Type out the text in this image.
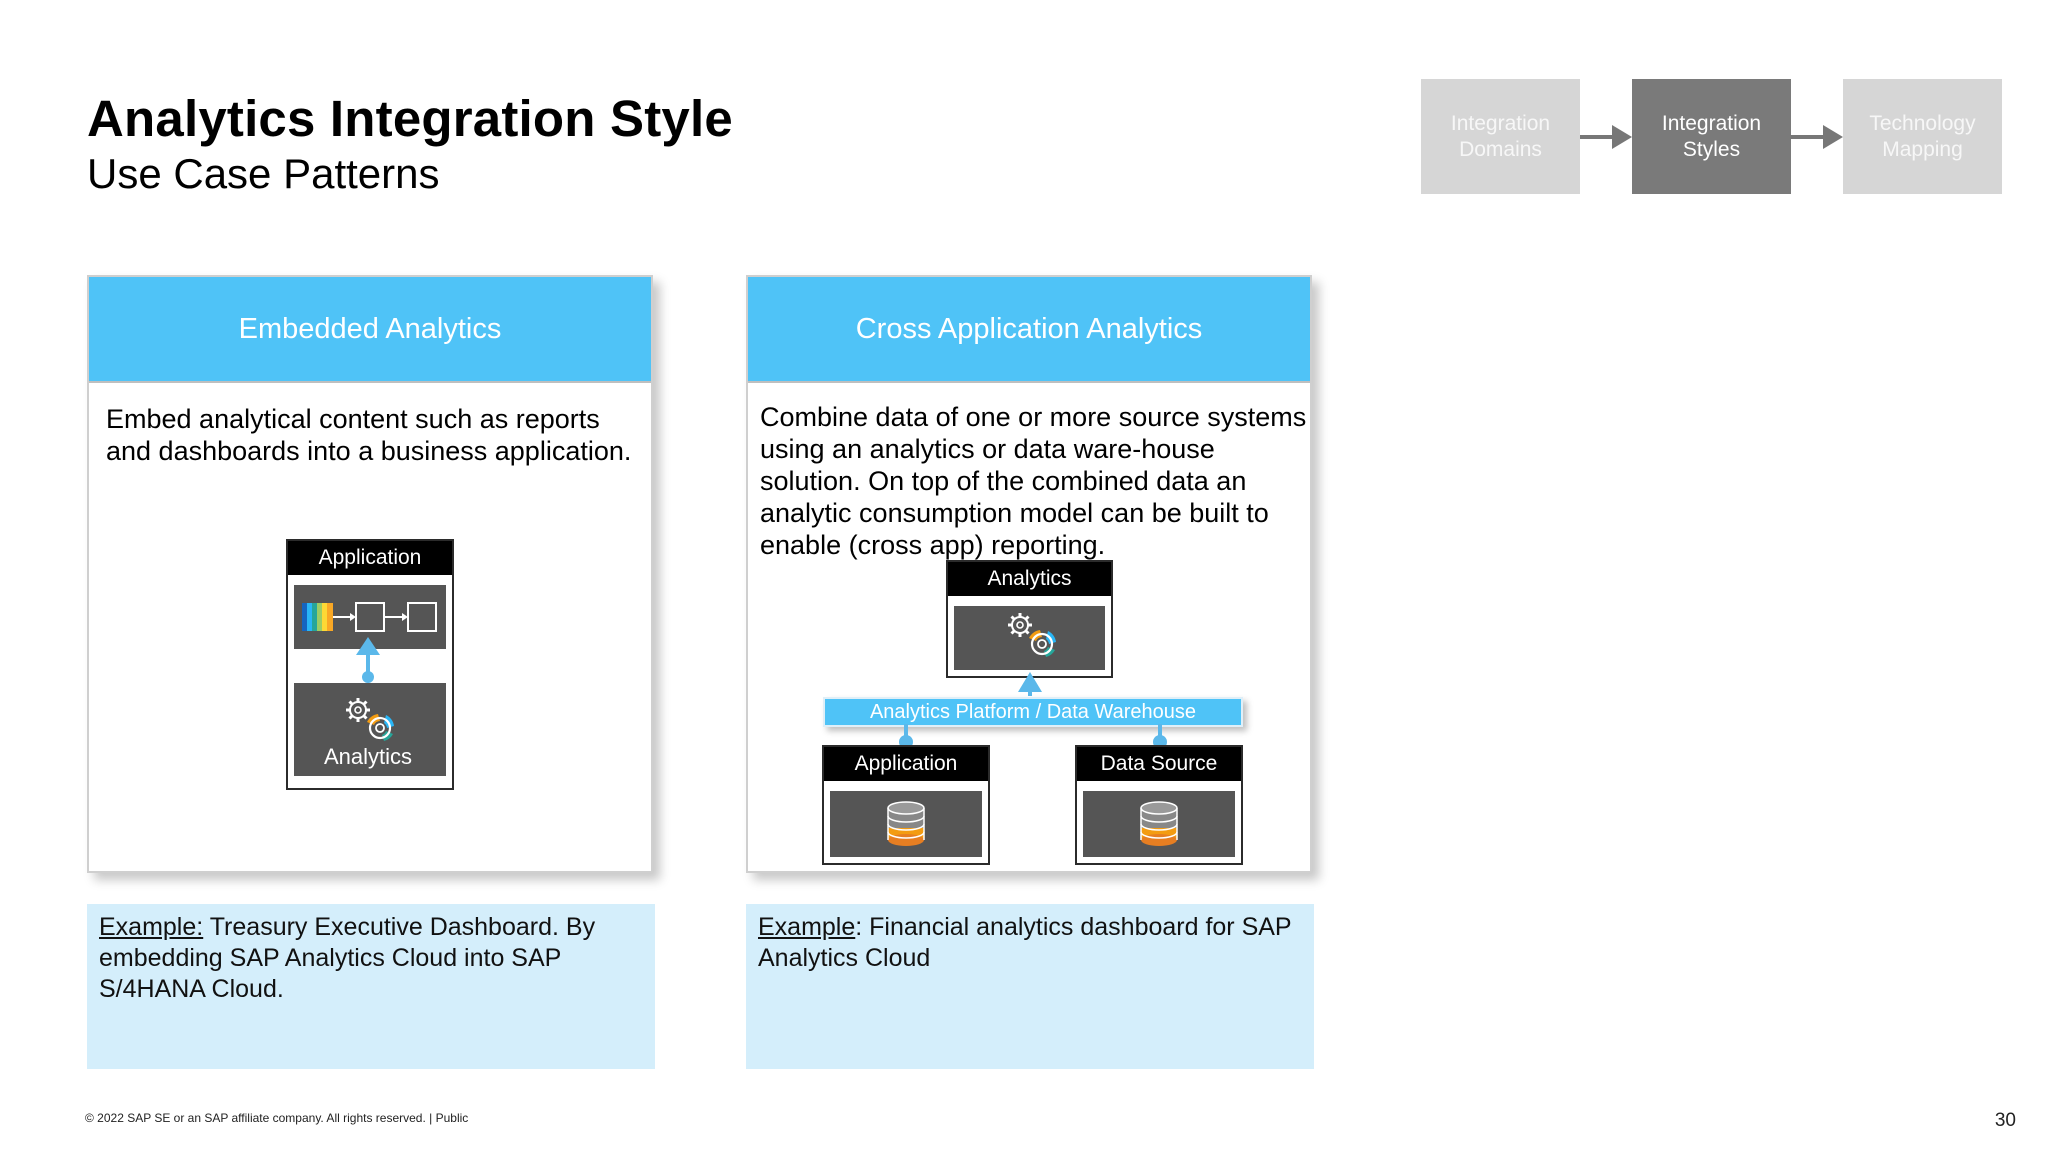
Analytics Integration Style
Use Case Patterns
Integration
Domains
Integration
Styles
Technology
Mapping
Embedded Analytics
Embed analytical content such as reports and dashboards into a business application.
Application
Analytics
Cross Application Analytics
Combine data of one or more source systems using an analytics or data ware-house solution. On top of the combined data an analytic consumption model can be built to enable (cross app) reporting.
Analytics
Analytics Platform / Data Warehouse
Application	Data Source
Example: Treasury Executive Dashboard. By embedding SAP Analytics Cloud into SAP S/4HANA Cloud.
Example: Financial analytics dashboard for SAP Analytics Cloud
© 2022 SAP SE or an SAP affiliate company. All rights reserved. | Public	30
